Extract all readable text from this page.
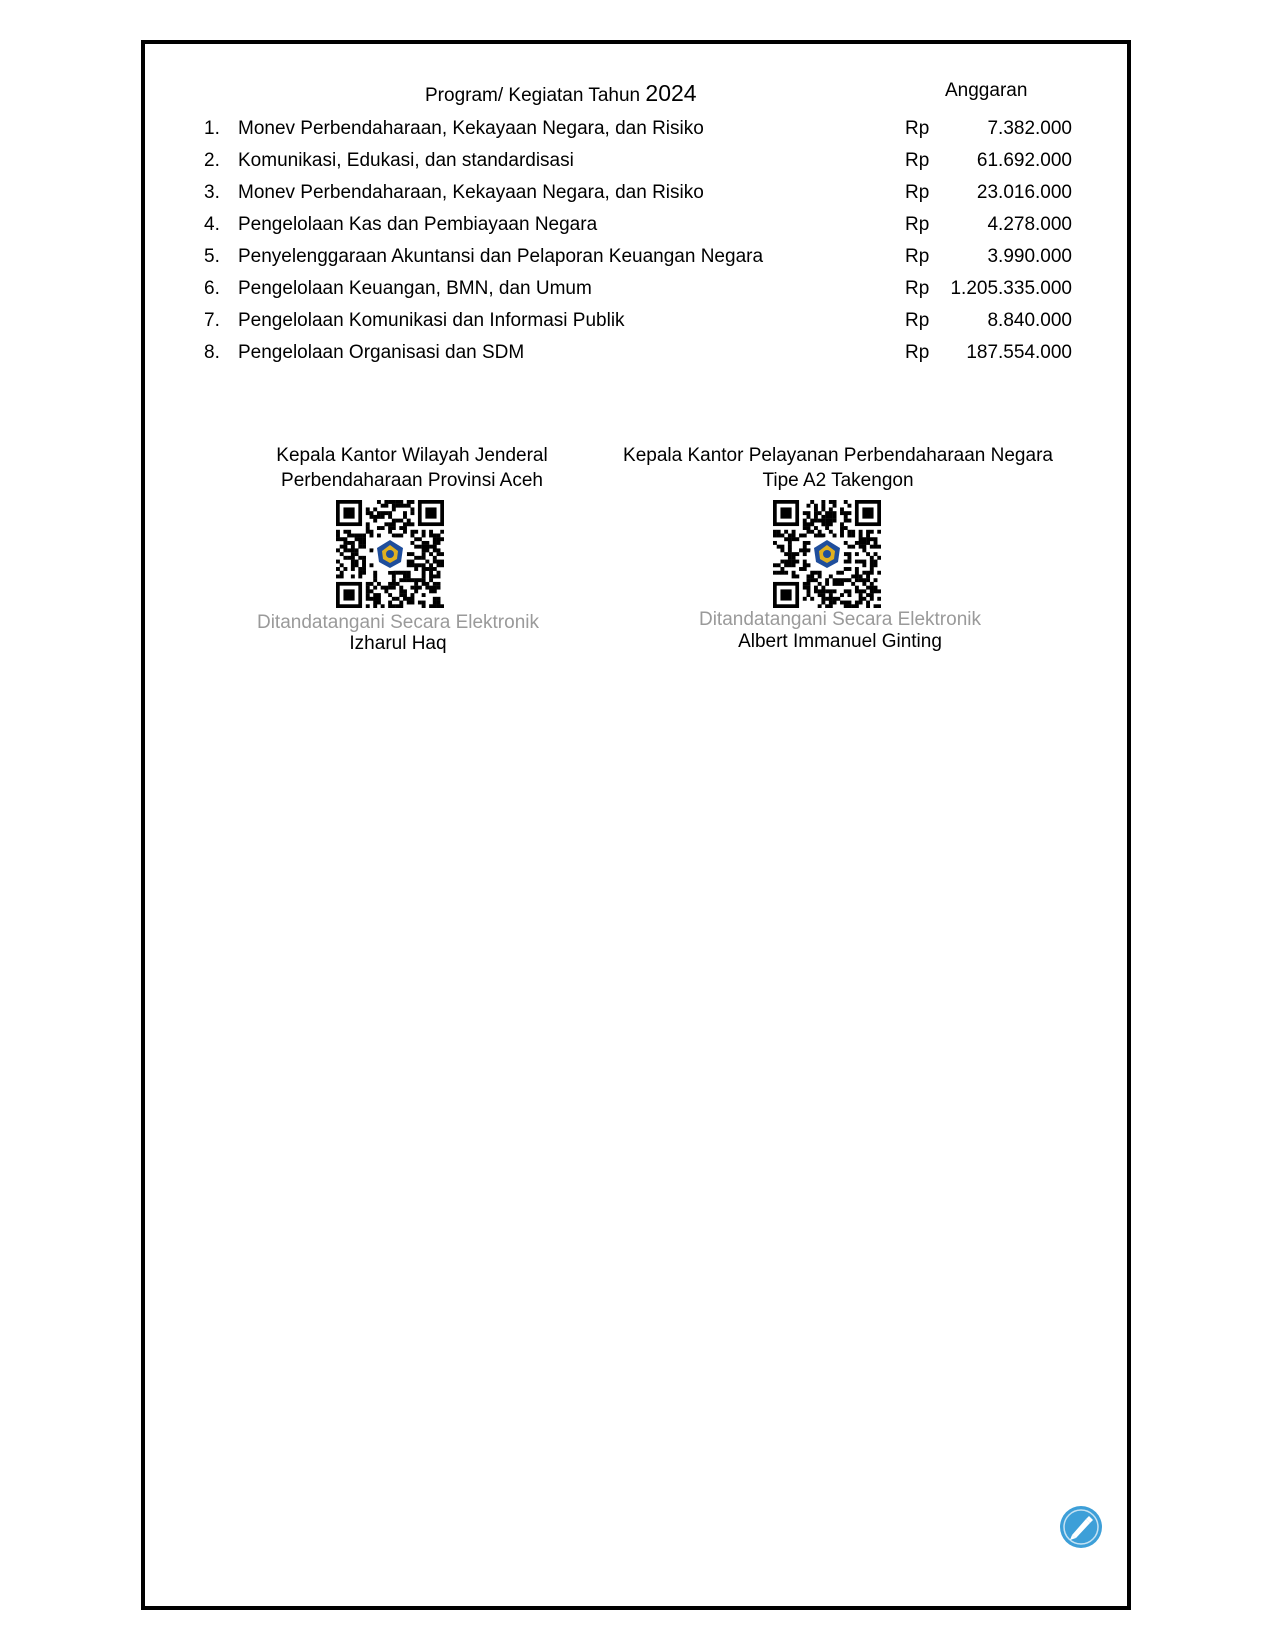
Program/ Kegiatan Tahun 2024	Anggaran
1. Monev Perbendaharaan, Kekayaan Negara, dan Risiko	Rp	7.382.000
2. Komunikasi, Edukasi, dan standardisasi	Rp	61.692.000
3. Monev Perbendaharaan, Kekayaan Negara, dan Risiko	Rp	23.016.000
4. Pengelolaan Kas dan Pembiayaan Negara	Rp	4.278.000
5. Penyelenggaraan Akuntansi dan Pelaporan Keuangan Negara	Rp	3.990.000
6. Pengelolaan Keuangan, BMN, dan Umum	Rp 1.205.335.000
7. Pengelolaan Komunikasi dan Informasi Publik	Rp	8.840.000
8. Pengelolaan Organisasi dan SDM	Rp 187.554.000
Kepala Kantor Wilayah Jenderal
Perbendaharaan Provinsi Aceh
Ditandatangani Secara Elektronik
Izharul Haq
Kepala Kantor Pelayanan Perbendaharaan Negara
Tipe A2 Takengon
Ditandatangani Secara Elektronik
Albert Immanuel Ginting
